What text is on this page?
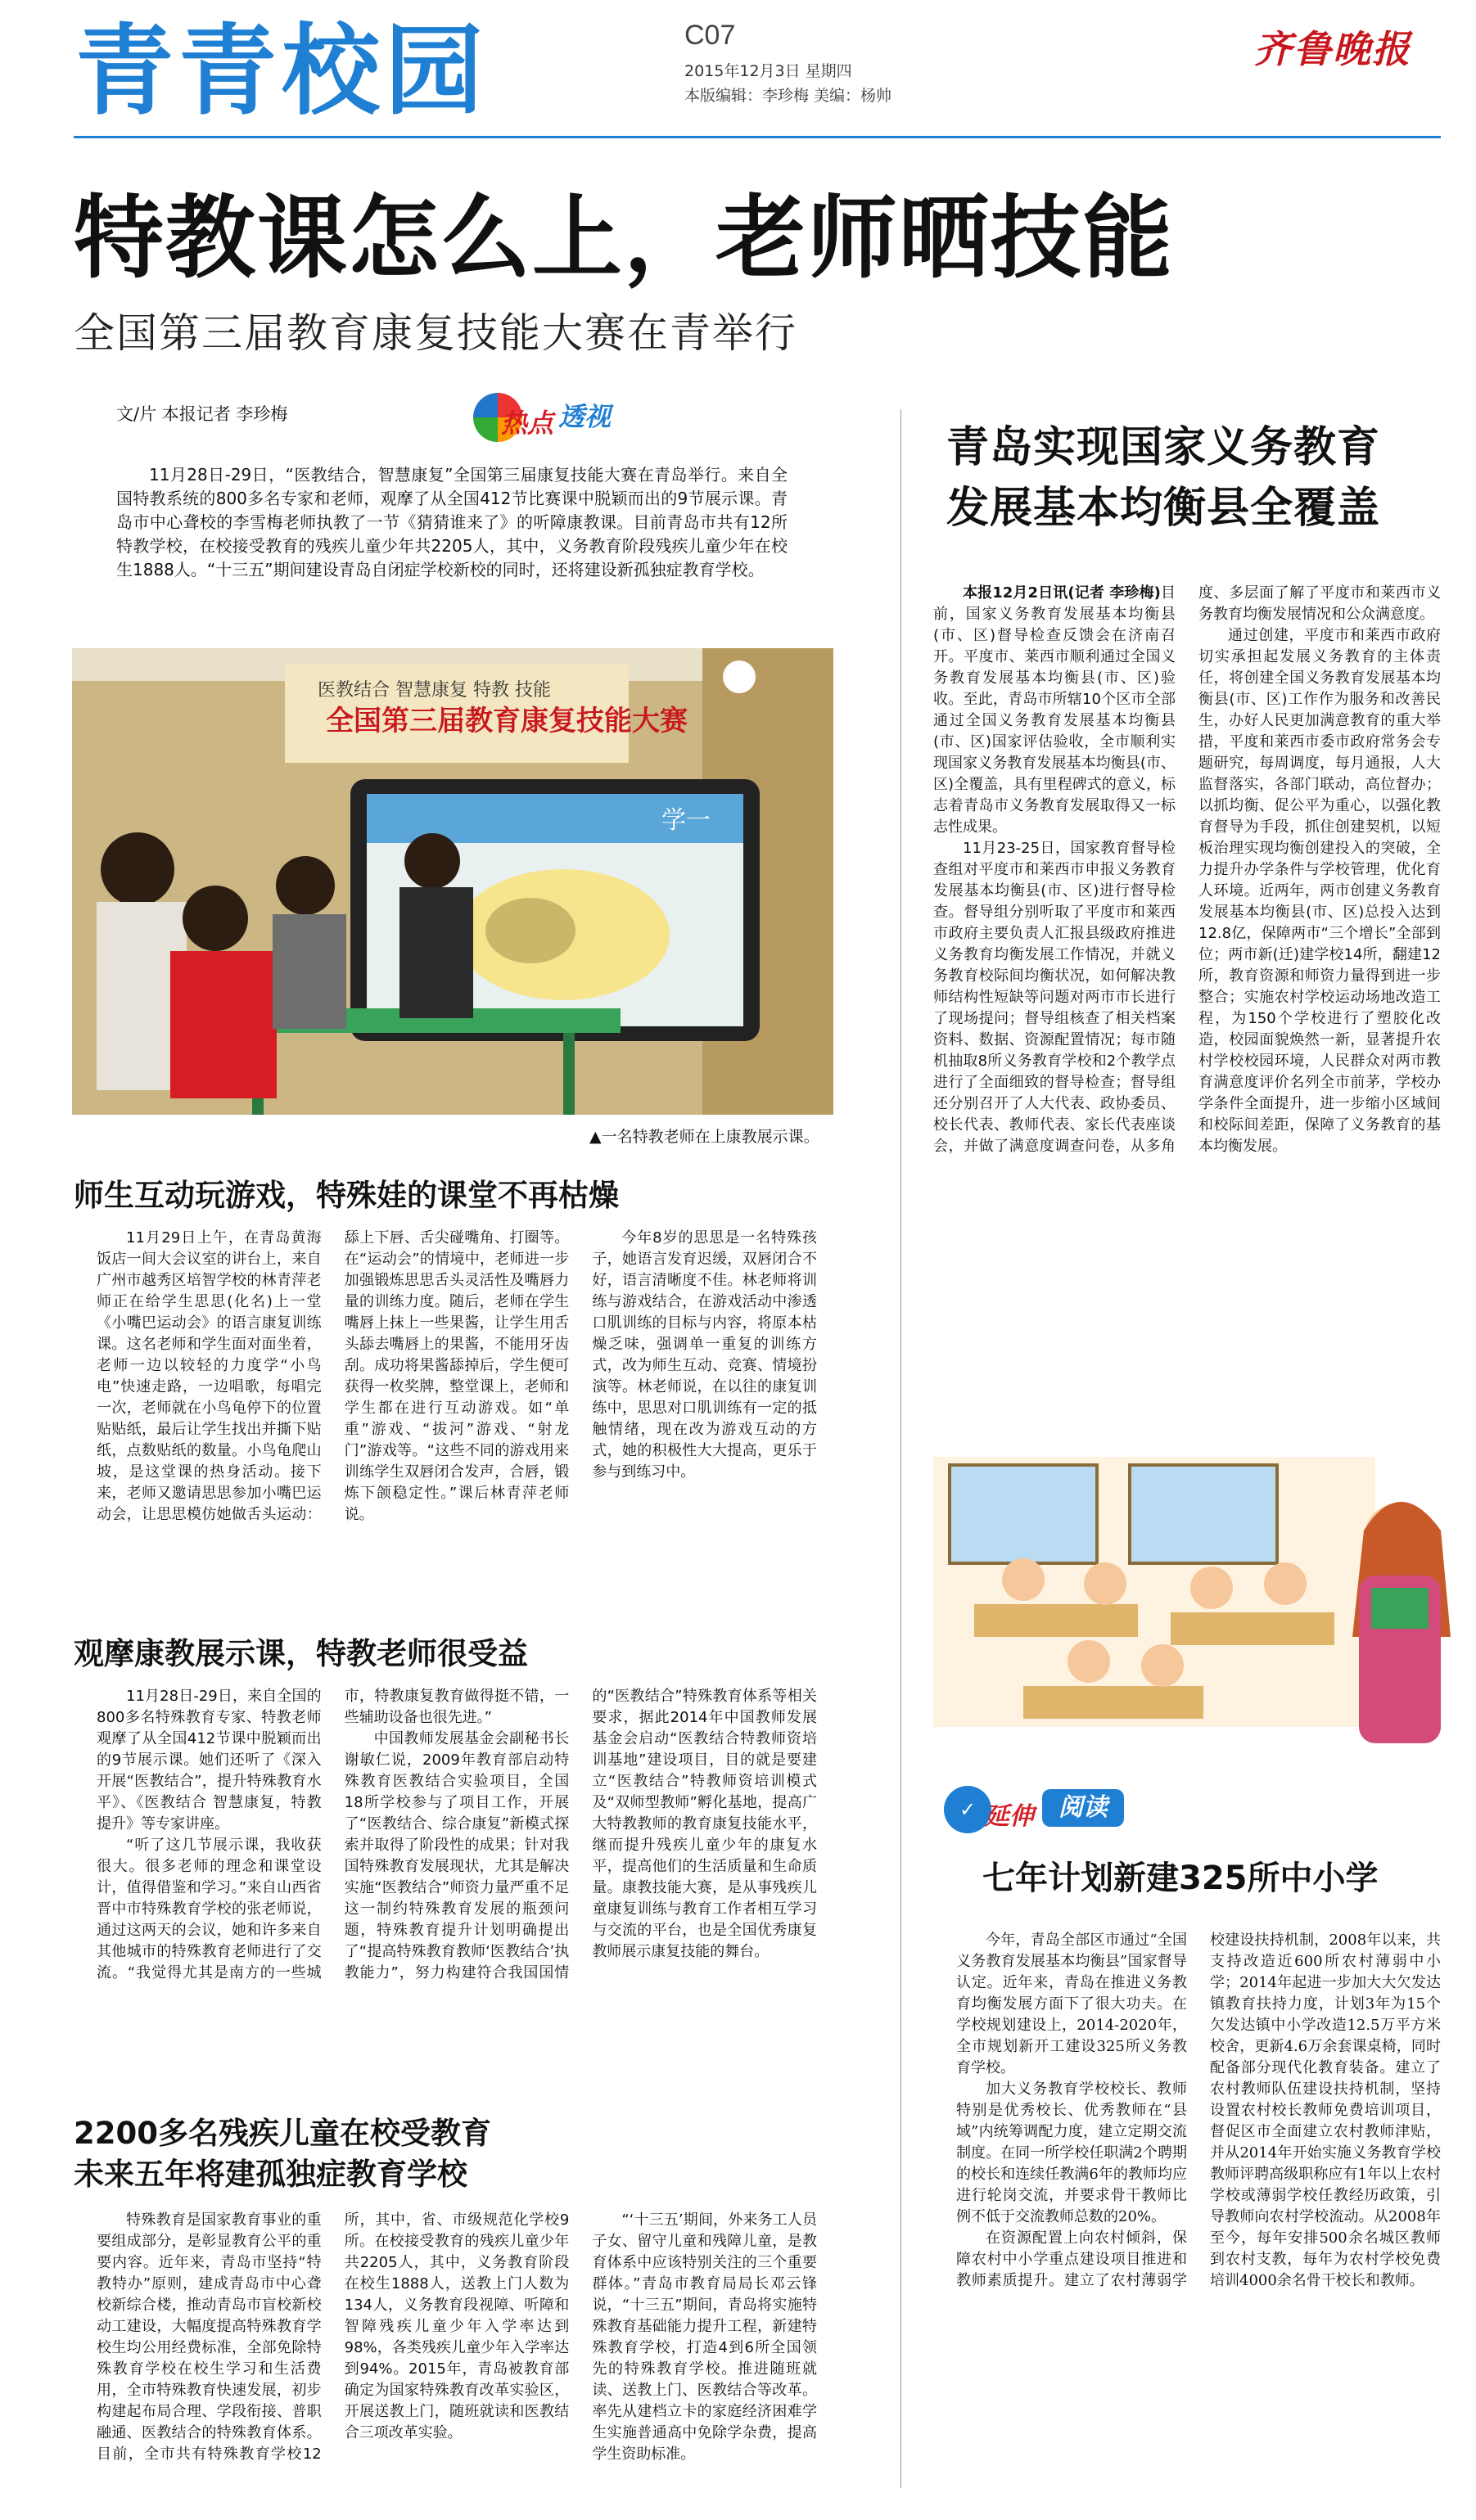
青青校园	C07
2015年12月3日 星期四
本版编辑：李珍梅 美编：杨帅
齐鲁晚报
特教课怎么上，老师晒技能
全国第三届教育康复技能大赛在青举行
文/片 本报记者 李珍梅	热点 透视
11月28日-29日，“医教结合，智慧康复”全国第三届康复技能大赛在青岛举行。来自全国特教系统的800多名专家和老师，观摩了从全国412节比赛课中脱颖而出的9节展示课。青岛市中心聋校的李雪梅老师执教了一节《猜猜谁来了》的听障康教课。目前青岛市共有12所特教学校，在校接受教育的残疾儿童少年共2205人，其中，义务教育阶段残疾儿童少年在校生1888人。“十三五”期间建设青岛自闭症学校新校的同时，还将建设新孤独症教育学校。
医教结合 智慧康复 特教 技能
全国第三届教育康复技能大赛
学一
▲一名特教老师在上康教展示课。
师生互动玩游戏，特殊娃的课堂不再枯燥

11月29日上午，在青岛黄海饭店一间大会议室的讲台上，来自广州市越秀区培智学校的林青萍老师正在给学生思思(化名)上一堂《小嘴巴运动会》的语言康复训练课。这名老师和学生面对面坐着，老师一边以较轻的力度学“小鸟电”快速走路，一边唱歌，每唱完一次，老师就在小鸟龟停下的位置贴贴纸，最后让学生找出并撕下贴纸，点数贴纸的数量。小鸟龟爬山坡，是这堂课的热身活动。接下来，老师又邀请思思参加小嘴巴运动会，让思思模仿她做舌头运动：舔上下唇、舌尖碰嘴角、打圈等。在“运动会”的情境中，老师进一步加强锻炼思思舌头灵活性及嘴唇力量的训练力度。随后，老师在学生嘴唇上抹上一些果酱，让学生用舌头舔去嘴唇上的果酱，不能用牙齿刮。成功将果酱舔掉后，学生便可获得一枚奖牌，整堂课上，老师和学生都在进行互动游戏。如“单重”游戏、“拔河”游戏、“射龙门”游戏等。“这些不同的游戏用来训练学生双唇闭合发声，合唇，锻炼下颌稳定性。”课后林青萍老师说。

今年8岁的思思是一名特殊孩子，她语言发育迟缓，双唇闭合不好，语言清晰度不佳。林老师将训练与游戏结合，在游戏活动中渗透口肌训练的目标与内容，将原本枯燥乏味，强调单一重复的训练方式，改为师生互动、竞赛、情境扮演等。林老师说，在以往的康复训练中，思思对口肌训练有一定的抵触情绪，现在改为游戏互动的方式，她的积极性大大提高，更乐于参与到练习中。

观摩康教展示课，特教老师很受益

11月28日-29日，来自全国的800多名特殊教育专家、特教老师观摩了从全国412节课中脱颖而出的9节展示课。她们还听了《深入开展“医教结合”，提升特殊教育水平》、《医教结合 智慧康复，特教提升》等专家讲座。

“听了这几节展示课，我收获很大。很多老师的理念和课堂设计，值得借鉴和学习。”来自山西省晋中市特殊教育学校的张老师说，通过这两天的会议，她和许多来自其他城市的特殊教育老师进行了交流。“我觉得尤其是南方的一些城市，特教康复教育做得挺不错，一些辅助设备也很先进。”

中国教师发展基金会副秘书长谢敏仁说，2009年教育部启动特殊教育医教结合实验项目，全国18所学校参与了项目工作，开展了“医教结合、综合康复”新模式探索并取得了阶段性的成果；针对我国特殊教育发展现状，尤其是解决实施“医教结合”师资力量严重不足这一制约特殊教育发展的瓶颈问题，特殊教育提升计划明确提出了“提高特殊教育教师‘医教结合’执教能力”，努力构建符合我国国情的“医教结合”特殊教育体系等相关要求，据此2014年中国教师发展基金会启动“医教结合特教师资培训基地”建设项目，目的就是要建立“医教结合”特教师资培训模式及“双师型教师”孵化基地，提高广大特教教师的教育康复技能水平，继而提升残疾儿童少年的康复水平，提高他们的生活质量和生命质量。康教技能大赛，是从事残疾儿童康复训练与教育工作者相互学习与交流的平台，也是全国优秀康复教师展示康复技能的舞台。

2200多名残疾儿童在校受教育
未来五年将建孤独症教育学校

特殊教育是国家教育事业的重要组成部分，是彰显教育公平的重要内容。近年来，青岛市坚持“特教特办”原则，建成青岛市中心聋校新综合楼，推动青岛市盲校新校动工建设，大幅度提高特殊教育学校生均公用经费标准，全部免除特殊教育学校在校生学习和生活费用，全市特殊教育快速发展，初步构建起布局合理、学段衔接、普职融通、医教结合的特殊教育体系。目前，全市共有特殊教育学校12所，其中，省、市级规范化学校9所。在校接受教育的残疾儿童少年共2205人，其中，义务教育阶段在校生1888人，送教上门人数为134人，义务教育段视障、听障和智障残疾儿童少年入学率达到98%，各类残疾儿童少年入学率达到94%。2015年，青岛被教育部确定为国家特殊教育改革实验区，开展送教上门，随班就读和医教结合三项改革实验。

“‘十三五’期间，外来务工人员子女、留守儿童和残障儿童，是教育体系中应该特别关注的三个重要群体。”青岛市教育局局长邓云锋说，“十三五”期间，青岛将实施特殊教育基础能力提升工程，新建特殊教育学校，打造4到6所全国领先的特殊教育学校。推进随班就读、送教上门、医教结合等改革。率先从建档立卡的家庭经济困难学生实施普通高中免除学杂费，提高学生资助标准。

青岛实现国家义务教育
发展基本均衡县全覆盖

本报12月2日讯(记者 李珍梅)目前，国家义务教育发展基本均衡县(市、区)督导检查反馈会在济南召开。平度市、莱西市顺利通过全国义务教育发展基本均衡县(市、区)验收。至此，青岛市所辖10个区市全部通过全国义务教育发展基本均衡县(市、区)国家评估验收，全市顺利实现国家义务教育发展基本均衡县(市、区)全覆盖，具有里程碑式的意义，标志着青岛市义务教育发展取得又一标志性成果。

11月23-25日，国家教育督导检查组对平度市和莱西市申报义务教育发展基本均衡县(市、区)进行督导检查。督导组分别听取了平度市和莱西市政府主要负责人汇报县级政府推进义务教育均衡发展工作情况，并就义务教育校际间均衡状况，如何解决教师结构性短缺等问题对两市市长进行了现场提问；督导组核查了相关档案资料、数据、资源配置情况；每市随机抽取8所义务教育学校和2个教学点进行了全面细致的督导检查；督导组还分别召开了人大代表、政协委员、校长代表、教师代表、家长代表座谈会，并做了满意度调查问卷，从多角度、多层面了解了平度市和莱西市义务教育均衡发展情况和公众满意度。

通过创建，平度市和莱西市政府切实承担起发展义务教育的主体责任，将创建全国义务教育发展基本均衡县(市、区)工作作为服务和改善民生，办好人民更加满意教育的重大举措，平度和莱西市委市政府常务会专题研究，每周调度，每月通报，人大监督落实，各部门联动，高位督办；以抓均衡、促公平为重心，以强化教育督导为手段，抓住创建契机，以短板治理实现均衡创建投入的突破，全力提升办学条件与学校管理，优化育人环境。近两年，两市创建义务教育发展基本均衡县(市、区)总投入达到12.8亿，保障两市“三个增长”全部到位；两市新(迁)建学校14所，翻建12所，教育资源和师资力量得到进一步整合；实施农村学校运动场地改造工程，为150个学校进行了塑胶化改造，校园面貌焕然一新，显著提升农村学校校园环境，人民群众对两市教育满意度评价名列全市前茅，学校办学条件全面提升，进一步缩小区域间和校际间差距，保障了义务教育的基本均衡发展。

✓ 延伸	阅读
七年计划新建325所中小学

今年，青岛全部区市通过“全国义务教育发展基本均衡县”国家督导认定。近年来，青岛在推进义务教育均衡发展方面下了很大功夫。在学校规划建设上，2014-2020年，全市规划新开工建设325所义务教育学校。

加大义务教育学校校长、教师特别是优秀校长、优秀教师在“县域”内统筹调配力度，建立定期交流制度。在同一所学校任职满2个聘期的校长和连续任教满6年的教师均应进行轮岗交流，并要求骨干教师比例不低于交流教师总数的20%。

在资源配置上向农村倾斜，保障农村中小学重点建设项目推进和教师素质提升。建立了农村薄弱学校建设扶持机制，2008年以来，共支持改造近600所农村薄弱中小学；2014年起进一步加大大欠发达镇教育扶持力度，计划3年为15个欠发达镇中小学改造12.5万平方米校舍，更新4.6万余套课桌椅，同时配备部分现代化教育装备。建立了农村教师队伍建设扶持机制，坚持设置农村校长教师免费培训项目，督促区市全面建立农村教师津贴，并从2014年开始实施义务教育学校教师评聘高级职称应有1年以上农村学校或薄弱学校任教经历政策，引导教师向农村学校流动。从2008年至今，每年安排500余名城区教师到农村支教，每年为农村学校免费培训4000余名骨干校长和教师。
